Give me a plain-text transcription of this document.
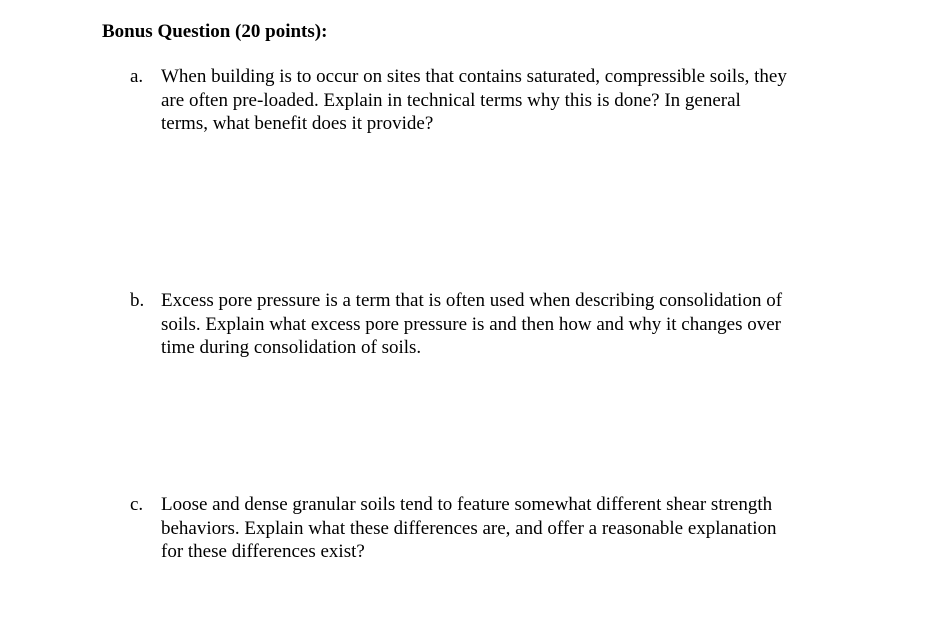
Bonus Question (20 points):
a. When building is to occur on sites that contains saturated, compressible soils, they
are often pre-loaded. Explain in technical terms why this is done? In general
terms, what benefit does it provide?
b. Excess pore pressure is a term that is often used when describing consolidation of
soils. Explain what excess pore pressure is and then how and why it changes over
time during consolidation of soils.
c. Loose and dense granular soils tend to feature somewhat different shear strength
behaviors. Explain what these differences are, and offer a reasonable explanation
for these differences exist?
